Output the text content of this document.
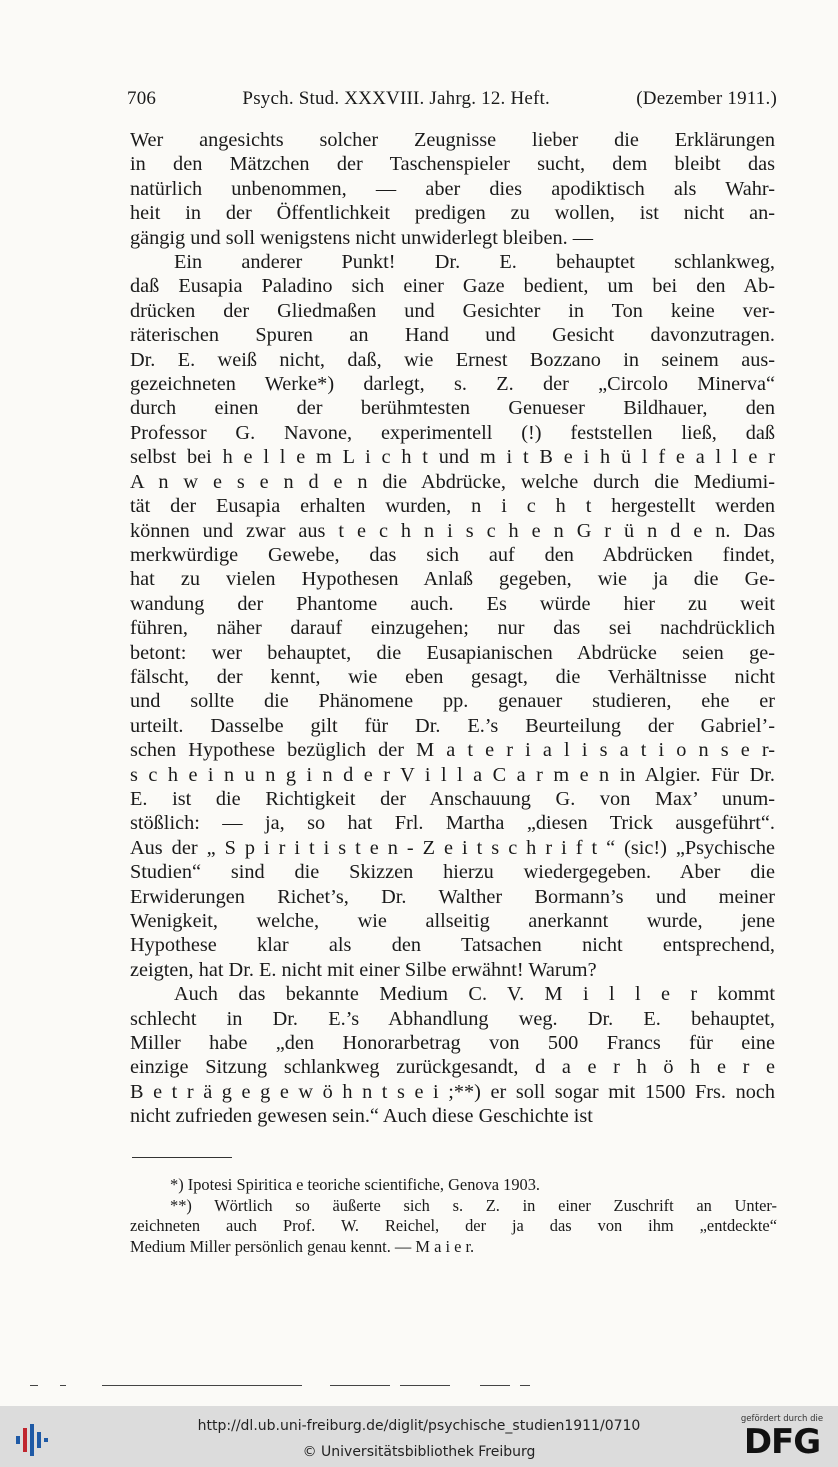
706	Psych. Stud. XXXVIII. Jahrg. 12. Heft.	(Dezember 1911.)

Wer angesichts solcher Zeugnisse lieber die Erklärungen

in den Mätzchen der Taschenspieler sucht, dem bleibt das

natürlich unbenommen, — aber dies apodiktisch als Wahr-

heit in der Öffentlichkeit predigen zu wollen, ist nicht an-

gängig und soll wenigstens nicht unwiderlegt bleiben. —

Ein anderer Punkt! Dr. E. behauptet schlankweg,

daß Eusapia Paladino sich einer Gaze bedient, um bei den Ab-

drücken der Gliedmaßen und Gesichter in Ton keine ver-

räterischen Spuren an Hand und Gesicht davonzutragen.

Dr. E. weiß nicht, daß, wie Ernest Bozzano in seinem aus-

gezeichneten Werke*) darlegt, s. Z. der „Circolo Minerva“

durch einen der berühmtesten Genueser Bildhauer, den

Professor G. Navone, experimentell (!) feststellen ließ, daß

selbst bei h e l l e m L i c h t und m i t B e i h ü l f e a l l e r

A n w e s e n d e n die Abdrücke, welche durch die Mediumi-

tät der Eusapia erhalten wurden, n i c h t hergestellt werden

können und zwar aus t e c h n i s c h e n G r ü n d e n. Das

merkwürdige Gewebe, das sich auf den Abdrücken findet,

hat zu vielen Hypothesen Anlaß gegeben, wie ja die Ge-

wandung der Phantome auch. Es würde hier zu weit

führen, näher darauf einzugehen; nur das sei nachdrücklich

betont: wer behauptet, die Eusapianischen Abdrücke seien ge-

fälscht, der kennt, wie eben gesagt, die Verhältnisse nicht

und sollte die Phänomene pp. genauer studieren, ehe er

urteilt. Dasselbe gilt für Dr. E.’s Beurteilung der Gabriel’-

schen Hypothese bezüglich der M a t e r i a l i s a t i o n s e r-

s c h e i n u n g i n d e r V i l l a C a r m e n in Algier. Für Dr.

E. ist die Richtigkeit der Anschauung G. von Max’ unum-

stößlich: — ja, so hat Frl. Martha „diesen Trick ausgeführt“.

Aus der „ S p i r i t i s t e n - Z e i t s c h r i f t “ (sic!) „Psychische

Studien“ sind die Skizzen hierzu wiedergegeben. Aber die

Erwiderungen Richet’s, Dr. Walther Bormann’s und meiner

Wenigkeit, welche, wie allseitig anerkannt wurde, jene

Hypothese klar als den Tatsachen nicht entsprechend,

zeigten, hat Dr. E. nicht mit einer Silbe erwähnt! Warum?

Auch das bekannte Medium C. V. M i l l e r kommt

schlecht in Dr. E.’s Abhandlung weg. Dr. E. behauptet,

Miller habe „den Honorarbetrag von 500 Francs für eine

einzige Sitzung schlankweg zurückgesandt, d a e r h ö h e r e

B e t r ä g e g e w ö h n t s e i ;**) er soll sogar mit 1500 Frs. noch

nicht zufrieden gewesen sein.“ Auch diese Geschichte ist

*) Ipotesi Spiritica e teoriche scientifiche, Genova 1903.

**) Wörtlich so äußerte sich s. Z. in einer Zuschrift an Unter-

zeichneten auch Prof. W. Reichel, der ja das von ihm „entdeckte“

Medium Miller persönlich genau kennt. — M a i e r.

http://dl.ub.uni-freiburg.de/diglit/psychische_studien1911/0710
© Universitätsbibliothek Freiburg
gefördert durch die
DFG
